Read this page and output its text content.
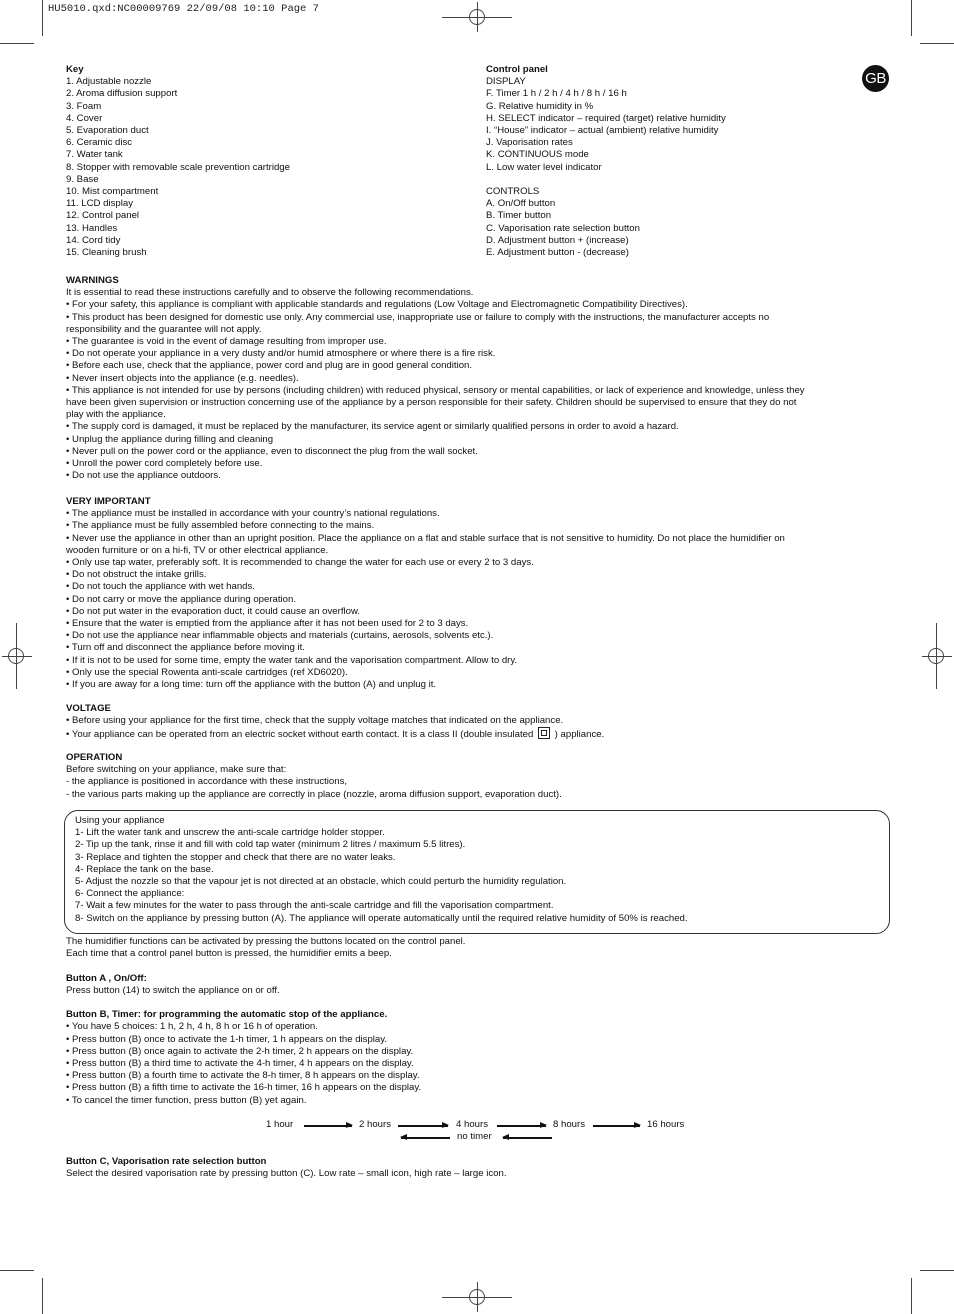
HU5010.qxd:NC00009769 22/09/08 10:10 Page 7
GB
Key
1. Adjustable nozzle
2. Aroma diffusion support
3. Foam
4. Cover
5. Evaporation duct
6. Ceramic disc
7. Water tank
8. Stopper with removable scale prevention cartridge
9. Base
10. Mist compartment
11. LCD display
12. Control panel
13. Handles
14. Cord tidy
15. Cleaning brush
Control panel
DISPLAY
F. Timer 1 h / 2 h / 4 h / 8 h / 16 h
G. Relative humidity in %
H. SELECT indicator – required (target) relative humidity
I. “House” indicator – actual (ambient) relative humidity
J. Vaporisation rates
K. CONTINUOUS mode
L. Low water level indicator
CONTROLS
A. On/Off button
B. Timer button
C. Vaporisation rate selection button
D. Adjustment button + (increase)
E. Adjustment button - (decrease)
WARNINGS
It is essential to read these instructions carefully and to observe the following recommendations.
• For your safety, this appliance is compliant with applicable standards and regulations (Low Voltage and Electromagnetic Compatibility Directives).
• This product has been designed for domestic use only. Any commercial use, inappropriate use or failure to comply with the instructions, the manufacturer accepts no
responsibility and the guarantee will not apply.
• The guarantee is void in the event of damage resulting from improper use.
• Do not operate your appliance in a very dusty and/or humid atmosphere or where there is a fire risk.
• Before each use, check that the appliance, power cord and plug are in good general condition.
• Never insert objects into the appliance (e.g. needles).
• This appliance is not intended for use by persons (including children) with reduced physical, sensory or mental capabilities, or lack of experience and knowledge, unless they
have been given supervision or instruction concerning use of the appliance by a person responsible for their safety. Children should be supervised to ensure that they do not
play with the appliance.
• The supply cord is damaged, it must be replaced by the manufacturer, its service agent or similarly qualified persons in order to avoid a hazard.
• Unplug the appliance during filling and cleaning
• Never pull on the power cord or the appliance, even to disconnect the plug from the wall socket.
• Unroll the power cord completely before use.
• Do not use the appliance outdoors.
VERY IMPORTANT
• The appliance must be installed in accordance with your country’s national regulations.
• The appliance must be fully assembled before connecting to the mains.
• Never use the appliance in other than an upright position. Place the appliance on a flat and stable surface that is not sensitive to humidity. Do not place the humidifier on
wooden furniture or on a hi-fi, TV or other electrical appliance.
• Only use tap water, preferably soft. It is recommended to change the water for each use or every 2 to 3 days.
• Do not obstruct the intake grills.
• Do not touch the appliance with wet hands.
• Do not carry or move the appliance during operation.
• Do not put water in the evaporation duct, it could cause an overflow.
• Ensure that the water is emptied from the appliance after it has not been used for 2 to 3 days.
• Do not use the appliance near inflammable objects and materials (curtains, aerosols, solvents etc.).
• Turn off and disconnect the appliance before moving it.
• If it is not to be used for some time, empty the water tank and the vaporisation compartment. Allow to dry.
• Only use the special Rowenta anti-scale cartridges (ref XD6020).
• If you are away for a long time: turn off the appliance with the button (A) and unplug it.
VOLTAGE
• Before using your appliance for the first time, check that the supply voltage matches that indicated on the appliance.
• Your appliance can be operated from an electric socket without earth contact. It is a class II (double insulated ) appliance.
OPERATION
Before switching on your appliance, make sure that:
- the appliance is positioned in accordance with these instructions,
- the various parts making up the appliance are correctly in place (nozzle, aroma diffusion support, evaporation duct).
Using your appliance
1- Lift the water tank and unscrew the anti-scale cartridge holder stopper.
2- Tip up the tank, rinse it and fill with cold tap water (minimum 2 litres / maximum 5.5 litres).
3- Replace and tighten the stopper and check that there are no water leaks.
4- Replace the tank on the base.
5- Adjust the nozzle so that the vapour jet is not directed at an obstacle, which could perturb the humidity regulation.
6- Connect the appliance:
7- Wait a few minutes for the water to pass through the anti-scale cartridge and fill the vaporisation compartment.
8- Switch on the appliance by pressing button (A). The appliance will operate automatically until the required relative humidity of 50% is reached.
The humidifier functions can be activated by pressing the buttons located on the control panel.
Each time that a control panel button is pressed, the humidifier emits a beep.
Button A , On/Off:
Press button (14) to switch the appliance on or off.
Button B, Timer: for programming the automatic stop of the appliance.
• You have 5 choices: 1 h, 2 h, 4 h, 8 h or 16 h of operation.
• Press button (B) once to activate the 1-h timer, 1 h appears on the display.
• Press button (B) once again to activate the 2-h timer, 2 h appears on the display.
• Press button (B) a third time to activate the 4-h timer, 4 h appears on the display.
• Press button (B) a fourth time to activate the 8-h timer, 8 h appears on the display.
• Press button (B) a fifth time to activate the 16-h timer, 16 h appears on the display.
• To cancel the timer function, press button (B) yet again.
1 hour	2 hours	4 hours	8 hours	16 hours
no timer
Button C, Vaporisation rate selection button
Select the desired vaporisation rate by pressing button (C). Low rate – small icon, high rate – large icon.
